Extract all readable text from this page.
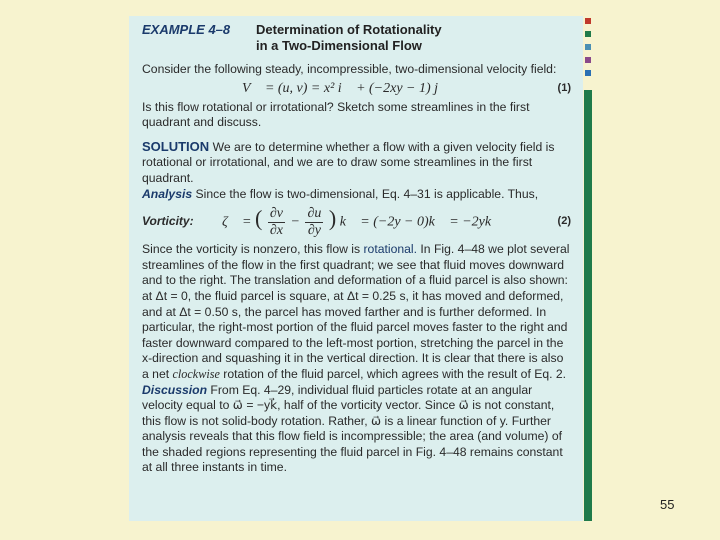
EXAMPLE 4–8	Determination of Rotationality
in a Two-Dimensional Flow

Consider the following steady, incompressible, two-dimensional velocity field:

V⃗ = (u, v) = x² i⃗ + (−2xy − 1) j⃗	(1)

Is this flow rotational or irrotational? Sketch some streamlines in the first quadrant and discuss.

SOLUTION We are to determine whether a flow with a given velocity field is rotational or irrotational, and we are to draw some streamlines in the first quadrant.

Analysis Since the flow is two-dimensional, Eq. 4–31 is applicable. Thus,

Vorticity:	ζ⃗ = ( $\frac{\partial v}{\partial x} - \frac{\partial u}{\partial y}$ ) k⃗ = (−2y − 0)k⃗ = −2yk⃗	(2)

Since the vorticity is nonzero, this flow is rotational. In Fig. 4–48 we plot several streamlines of the flow in the first quadrant; we see that fluid moves downward and to the right. The translation and deformation of a fluid parcel is also shown: at Δt = 0, the fluid parcel is square, at Δt = 0.25 s, it has moved and deformed, and at Δt = 0.50 s, the parcel has moved farther and is further deformed. In particular, the right-most portion of the fluid parcel moves faster to the right and faster downward compared to the left-most portion, stretching the parcel in the x-direction and squashing it in the vertical direction. It is clear that there is also a net clockwise rotation of the fluid parcel, which agrees with the result of Eq. 2.

Discussion From Eq. 4–29, individual fluid particles rotate at an angular velocity equal to ω⃗ = −yk⃗, half of the vorticity vector. Since ω⃗ is not constant, this flow is not solid-body rotation. Rather, ω⃗ is a linear function of y. Further analysis reveals that this flow field is incompressible; the area (and volume) of the shaded regions representing the fluid parcel in Fig. 4–48 remains constant at all three instants in time.

55
